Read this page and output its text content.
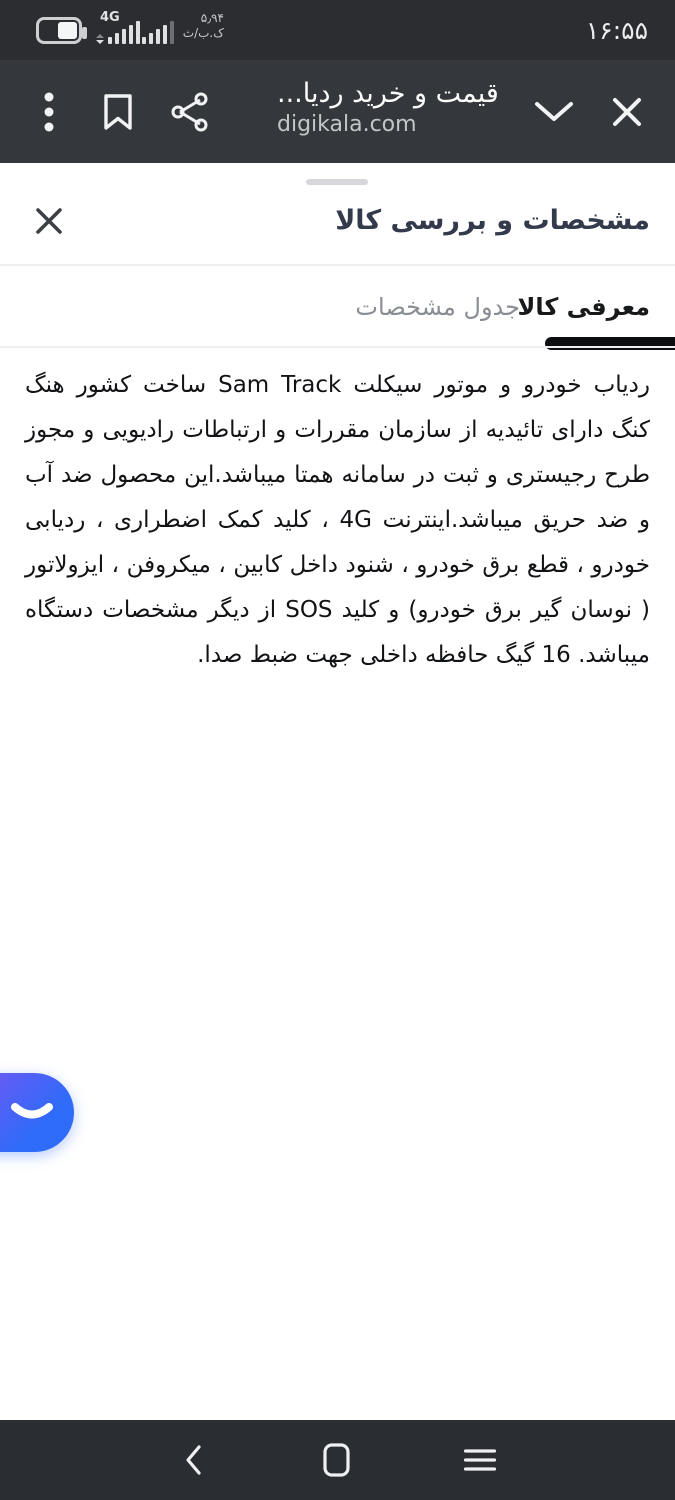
4G	۵٫۹۴
ک.ب/ث	۱۶:۵۵
قیمت و خرید ردیا...
digikala.com
مشخصات و بررسی کالا
معرفی کالا
جدول مشخصات

ردیاب خودرو و موتور سیکلت Sam Track ساخت کشور هنگ کنگ دارای تائیدیه از سازمان مقررات و ارتباطات رادیویی و مجوز طرح رجیستری و ثبت در سامانه همتا میباشد.این محصول ضد آب و ضد حریق میباشد.اینترنت 4G ، کلید کمک اضطراری ، ردیابی خودرو ، قطع برق خودرو ، شنود داخل کابین ، میکروفن ، ایزولاتور ( نوسان گیر برق خودرو) و کلید SOS از دیگر مشخصات دستگاه میباشد. 16 گیگ حافظه داخلی جهت ضبط صدا.
